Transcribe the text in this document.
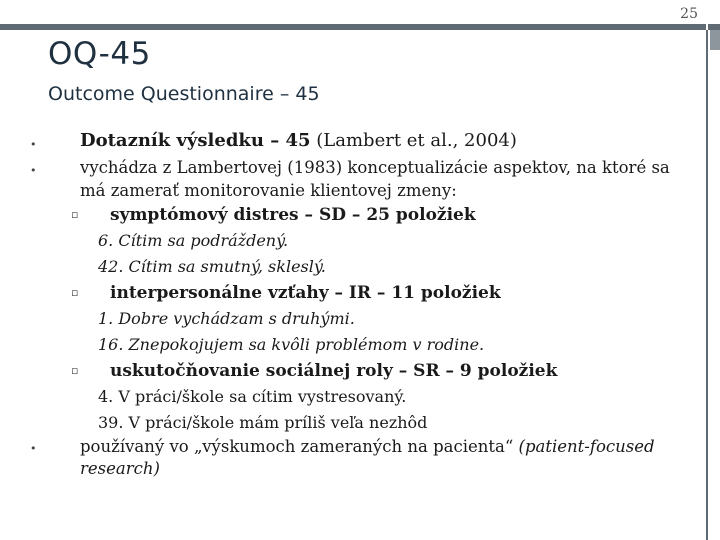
25
OQ-45
Outcome Questionnaire – 45
• Dotazník výsledku – 45 (Lambert et al., 2004)
•	vychádza z Lambertovej (1983) konceptualizácie aspektov, na ktoré sa má zamerať monitorovanie klientovej zmeny:
▫ symptómový distres – SD – 25 položiek
6. Cítim sa podráždený.
42. Cítim sa smutný, skleslý.
▫ interpersonálne vzťahy – IR – 11 položiek
1. Dobre vychádzam s druhými.
16. Znepokojujem sa kvôli problémom v rodine.
▫ uskutočňovanie sociálnej roly – SR – 9 položiek
4. V práci/škole sa cítim vystresovaný.
39. V práci/škole mám príliš veľa nezhôd
•	používaný vo „výskumoch zameraných na pacienta“ (patient-focused research)
